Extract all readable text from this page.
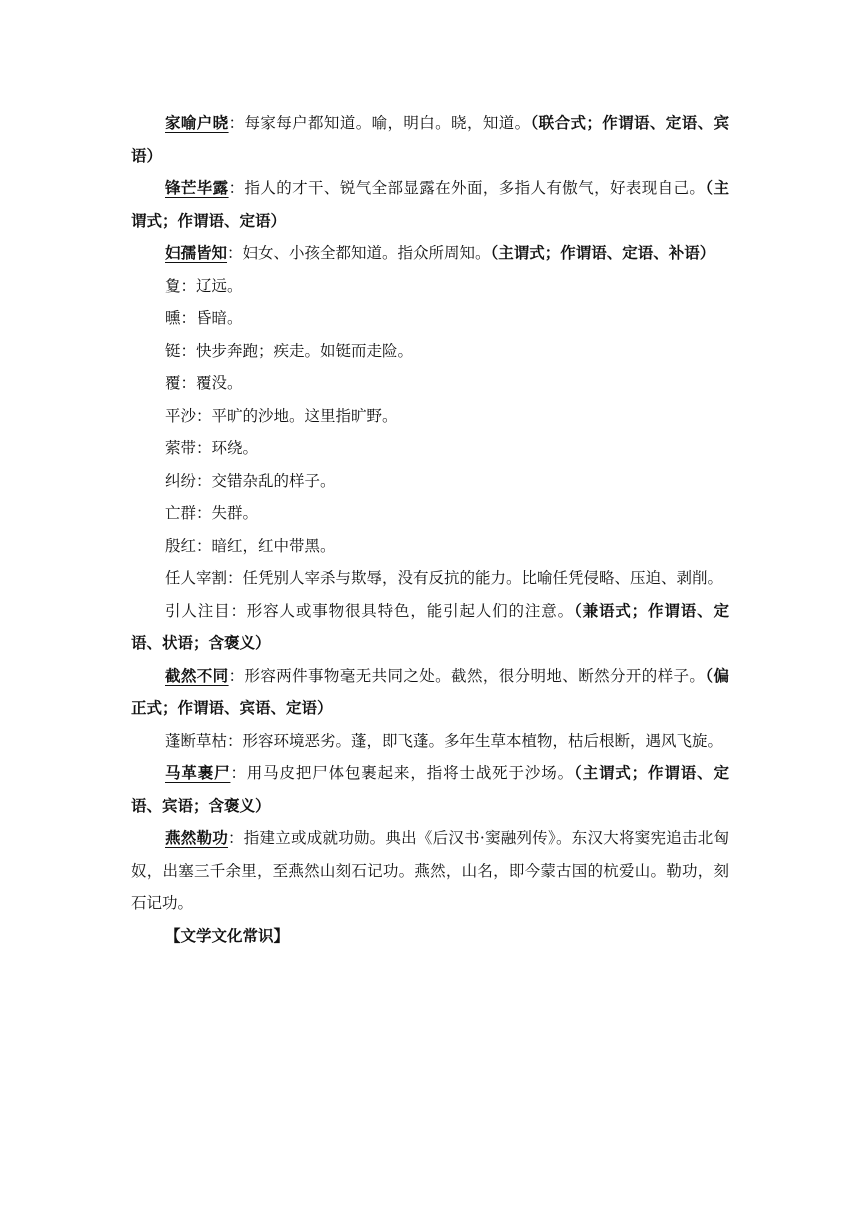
家喻户晓：每家每户都知道。喻，明白。晓，知道。（联合式；作谓语、定语、宾语）

锋芒毕露：指人的才干、锐气全部显露在外面，多指人有傲气，好表现自己。（主谓式；作谓语、定语）

妇孺皆知：妇女、小孩全都知道。指众所周知。（主谓式；作谓语、定语、补语）

夐：辽远。

曛：昏暗。

铤：快步奔跑；疾走。如铤而走险。

覆：覆没。

平沙：平旷的沙地。这里指旷野。

萦带：环绕。

纠纷：交错杂乱的样子。

亡群：失群。

殷红：暗红，红中带黑。

任人宰割：任凭别人宰杀与欺辱，没有反抗的能力。比喻任凭侵略、压迫、剥削。

引人注目：形容人或事物很具特色，能引起人们的注意。（兼语式；作谓语、定语、状语；含褒义）

截然不同：形容两件事物毫无共同之处。截然，很分明地、断然分开的样子。（偏正式；作谓语、宾语、定语）

蓬断草枯：形容环境恶劣。蓬，即飞蓬。多年生草本植物，枯后根断，遇风飞旋。

马革裹尸：用马皮把尸体包裹起来，指将士战死于沙场。（主谓式；作谓语、定语、宾语；含褒义）

燕然勒功：指建立或成就功勋。典出《后汉书·窦融列传》。东汉大将窦宪追击北匈奴，出塞三千余里，至燕然山刻石记功。燕然，山名，即今蒙古国的杭爱山。勒功，刻石记功。

【文学文化常识】
